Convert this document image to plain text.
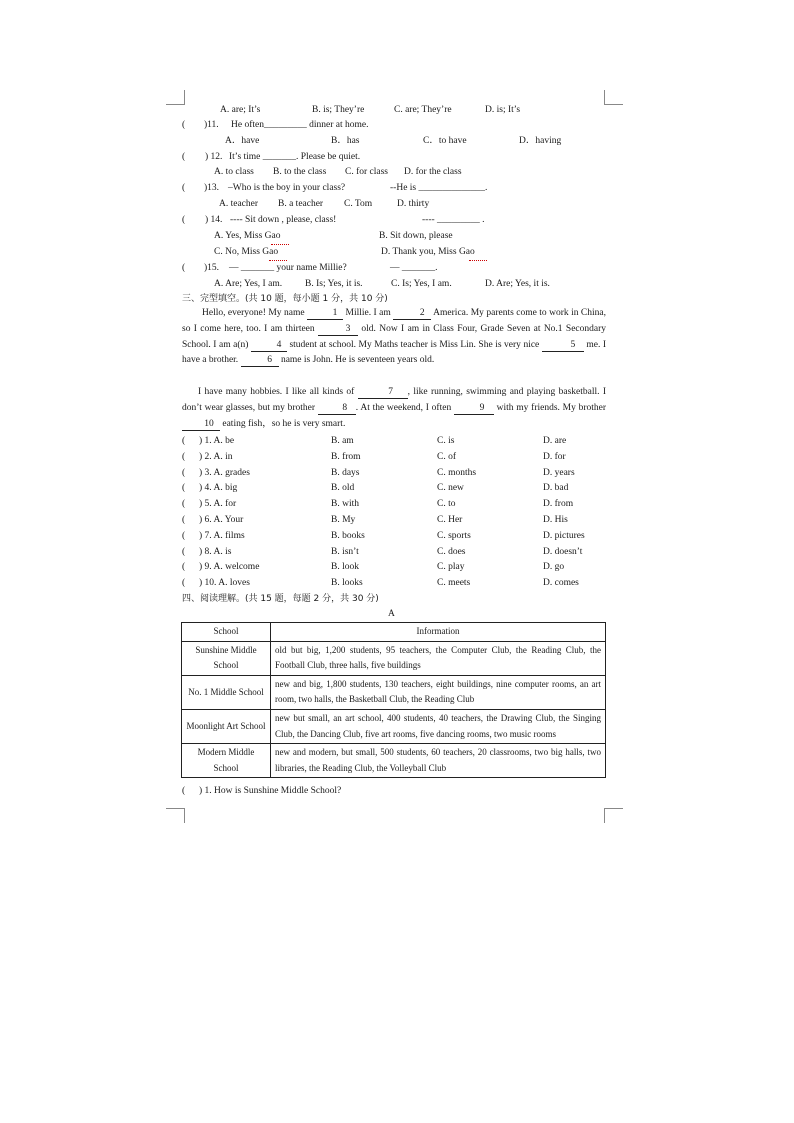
A. are; It’s	B. is; They’re	C. are; They’re	D. is; It’s
( )11. He often_________ dinner at home.
A．have	B．has	C．to have	D．having
( ) 12. It’s time _______. Please be quiet.
A. to class B. to the class C. for class D. for the class
( )13. –Who is the boy in your class?	--He is ______________.
A. teacher B. a teacher C. Tom	D. thirty
( ) 14. ---- Sit down , please, class!	---- _________ .
A. Yes, Miss Gao	B. Sit down, please
C. No, Miss Gao	D. Thank you, Miss Gao
( )15. — _______ your name Millie?	— _______.
A. Are; Yes, I am. B. Is; Yes, it is.	C. Is; Yes, I am.	D. Are; Yes, it is.
三、完型填空。(共 10 题，每小题 1 分，共 10 分)
Hello, everyone! My name	1 Millie. I am	2 America. My parents come to work in China, so I come here, too. I am thirteen	3 old. Now I am in Class Four, Grade Seven at No.1 Secondary School. I am a(n)	4 student at school. My Maths teacher is Miss Lin. She is very nice	5 me. I have a brother.	6 name is John. He is seventeen years old.
I have many hobbies. I like all kinds of	7 , like running, swimming and playing basketball. I don’t wear glasses, but my brother	8 . At the weekend, I often	9 with my friends. My brother 10 eating fish，so he is very smart.
( ) 1. A. be	B. am	C. is	D. are
( ) 2. A. in	B. from	C. of	D. for
( ) 3. A. grades	B. days	C. months	D. years
( ) 4. A. big	B. old	C. new	D. bad
( ) 5. A. for	B. with	C. to	D. from
( ) 6. A. Your	B. My	C. Her	D. His
( ) 7. A. films	B. books	C. sports	D. pictures
( ) 8. A. is	B. isn’t	C. does	D. doesn’t
( ) 9. A. welcome	B. look	C. play	D. go
( ) 10. A. loves	B. looks	C. meets	D. comes
四、阅读理解。(共 15 题，每题 2 分，共 30 分)
A
School	Information
Sunshine Middle School	old but big, 1,200 students, 95 teachers, the Computer Club, the Reading Club, the Football Club, three halls, five buildings
No. 1 Middle School	new and big, 1,800 students, 130 teachers, eight buildings, nine computer rooms, an art room, two halls, the Basketball Club, the Reading Club
Moonlight Art School	new but small, an art school, 400 students, 40 teachers, the Drawing Club, the Singing Club, the Dancing Club, five art rooms, five dancing rooms, two music rooms
Modern Middle School	new and modern, but small, 500 students, 60 teachers, 20 classrooms, two big halls, two libraries, the Reading Club, the Volleyball Club
( ) 1. How is Sunshine Middle School?
